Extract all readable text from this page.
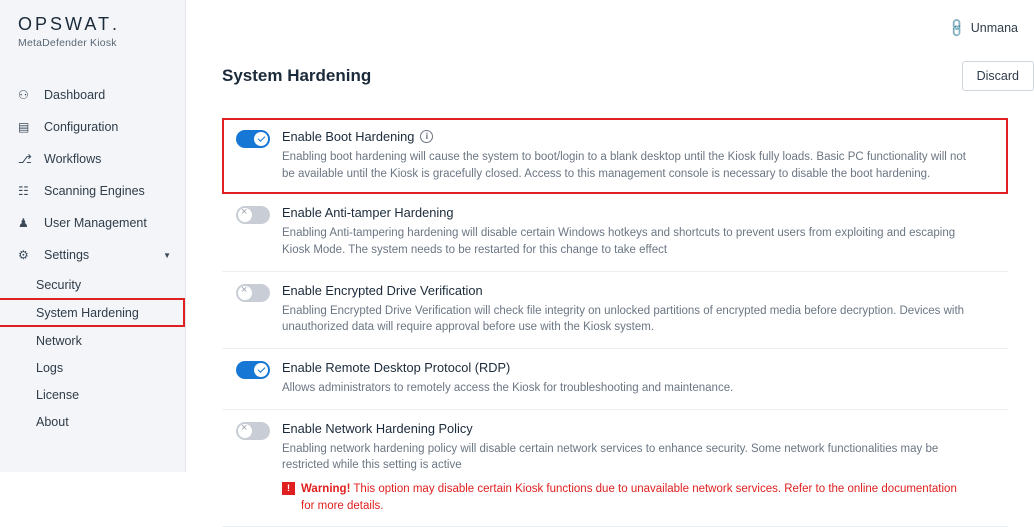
OPSWAT.
MetaDefender Kiosk
⚇	Dashboard
▤	Configuration
⎇ Workflows
☷	Scanning Engines
♟	User Management
⚙	Settings	▼
Security
System Hardening
Network
Logs
License
About
🔗 Unmana
System Hardening	Discard
Enable Boot Hardening	i
Enabling boot hardening will cause the system to boot/login to a blank desktop until the Kiosk fully loads. Basic PC functionality will not be available until the Kiosk is gracefully closed. Access to this management console is necessary to disable the boot hardening.
×
Enable Anti-tamper Hardening
Enabling Anti-tampering hardening will disable certain Windows hotkeys and shortcuts to prevent users from exploiting and escaping Kiosk Mode. The system needs to be restarted for this change to take effect
×
Enable Encrypted Drive Verification
Enabling Encrypted Drive Verification will check file integrity on unlocked partitions of encrypted media before decryption. Devices with unauthorized data will require approval before use with the Kiosk system.
Enable Remote Desktop Protocol (RDP)
Allows administrators to remotely access the Kiosk for troubleshooting and maintenance.
×
Enable Network Hardening Policy
Enabling network hardening policy will disable certain network services to enhance security. Some network functionalities may be restricted while this setting is active
! Warning! This option may disable certain Kiosk functions due to unavailable network services. Refer to the online documentation for more details.
